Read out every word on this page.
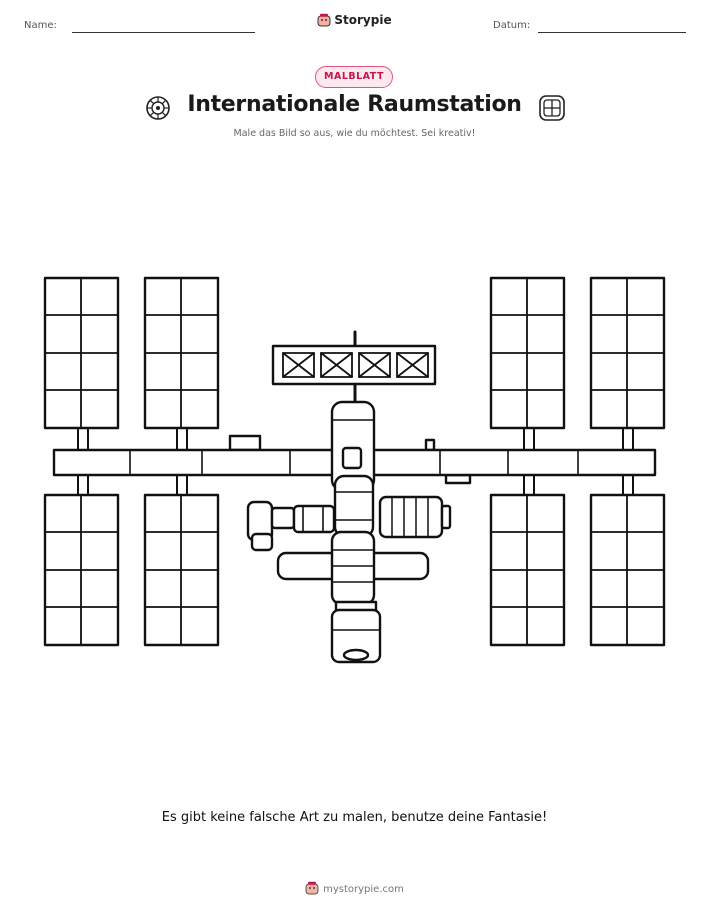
Name:	Storypie	Datum:
MALBLATT
Internationale Raumstation
Male das Bild so aus, wie du möchtest. Sei kreativ!
Es gibt keine falsche Art zu malen, benutze deine Fantasie!
mystorypie.com
